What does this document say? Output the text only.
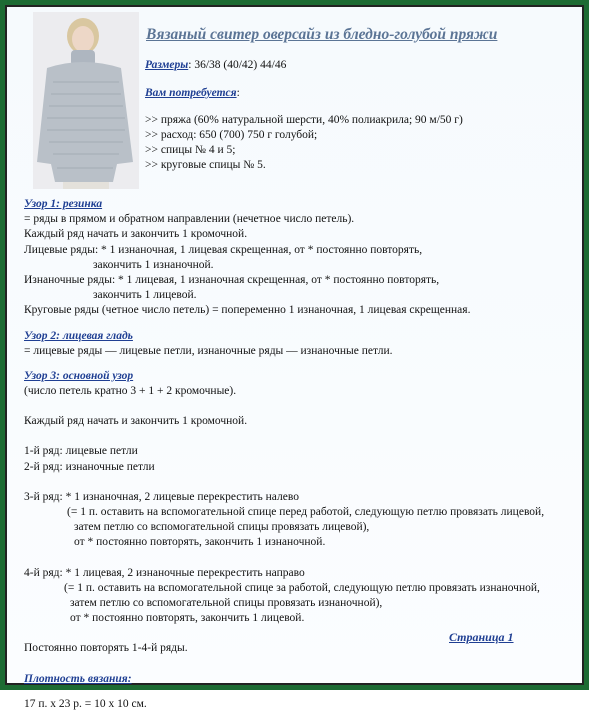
Вязаный свитер оверсайз из бледно-голубой пряжи
Размеры: 36/38 (40/42) 44/46
Вам потребуется:
>> пряжа (60% натуральной шерсти, 40% полиакрила; 90 м/50 г)
>> расход: 650 (700) 750 г голубой;
>> спицы № 4 и 5;
>> круговые спицы № 5.
Узор 1: резинка
= ряды в прямом и обратном направлении (нечетное число петель).
Каждый ряд начать и закончить 1 кромочной.
Лицевые ряды: * 1 изнаночная, 1 лицевая скрещенная, от * постоянно повторять,
закончить 1 изнаночной.
Изнаночные ряды: * 1 лицевая, 1 изнаночная скрещенная, от * постоянно повторять,
закончить 1 лицевой.
Круговые ряды (четное число петель) = попеременно 1 изнаночная, 1 лицевая скрещенная.
Узор 2: лицевая гладь
= лицевые ряды — лицевые петли, изнаночные ряды — изнаночные петли.
Узор 3: основной узор
(число петель кратно 3 + 1 + 2 кромочные).
Каждый ряд начать и закончить 1 кромочной.
1-й ряд: лицевые петли
2-й ряд: изнаночные петли
3-й ряд: * 1 изнаночная, 2 лицевые перекрестить налево
(= 1 п. оставить на вспомогательной спице перед работой, следующую петлю провязать лицевой,
затем петлю со вспомогательной спицы провязать лицевой),
от * постоянно повторять, закончить 1 изнаночной.
4-й ряд: * 1 лицевая, 2 изнаночные перекрестить направо
(= 1 п. оставить на вспомогательной спице за работой, следующую петлю провязать изнаночной,
затем петлю со вспомогательной спицы провязать изнаночной),
от * постоянно повторять, закончить 1 лицевой.
Постоянно повторять 1-4-й ряды.
Плотность вязания:
17 п. х 23 р. = 10 х 10 см.
Страница 1
